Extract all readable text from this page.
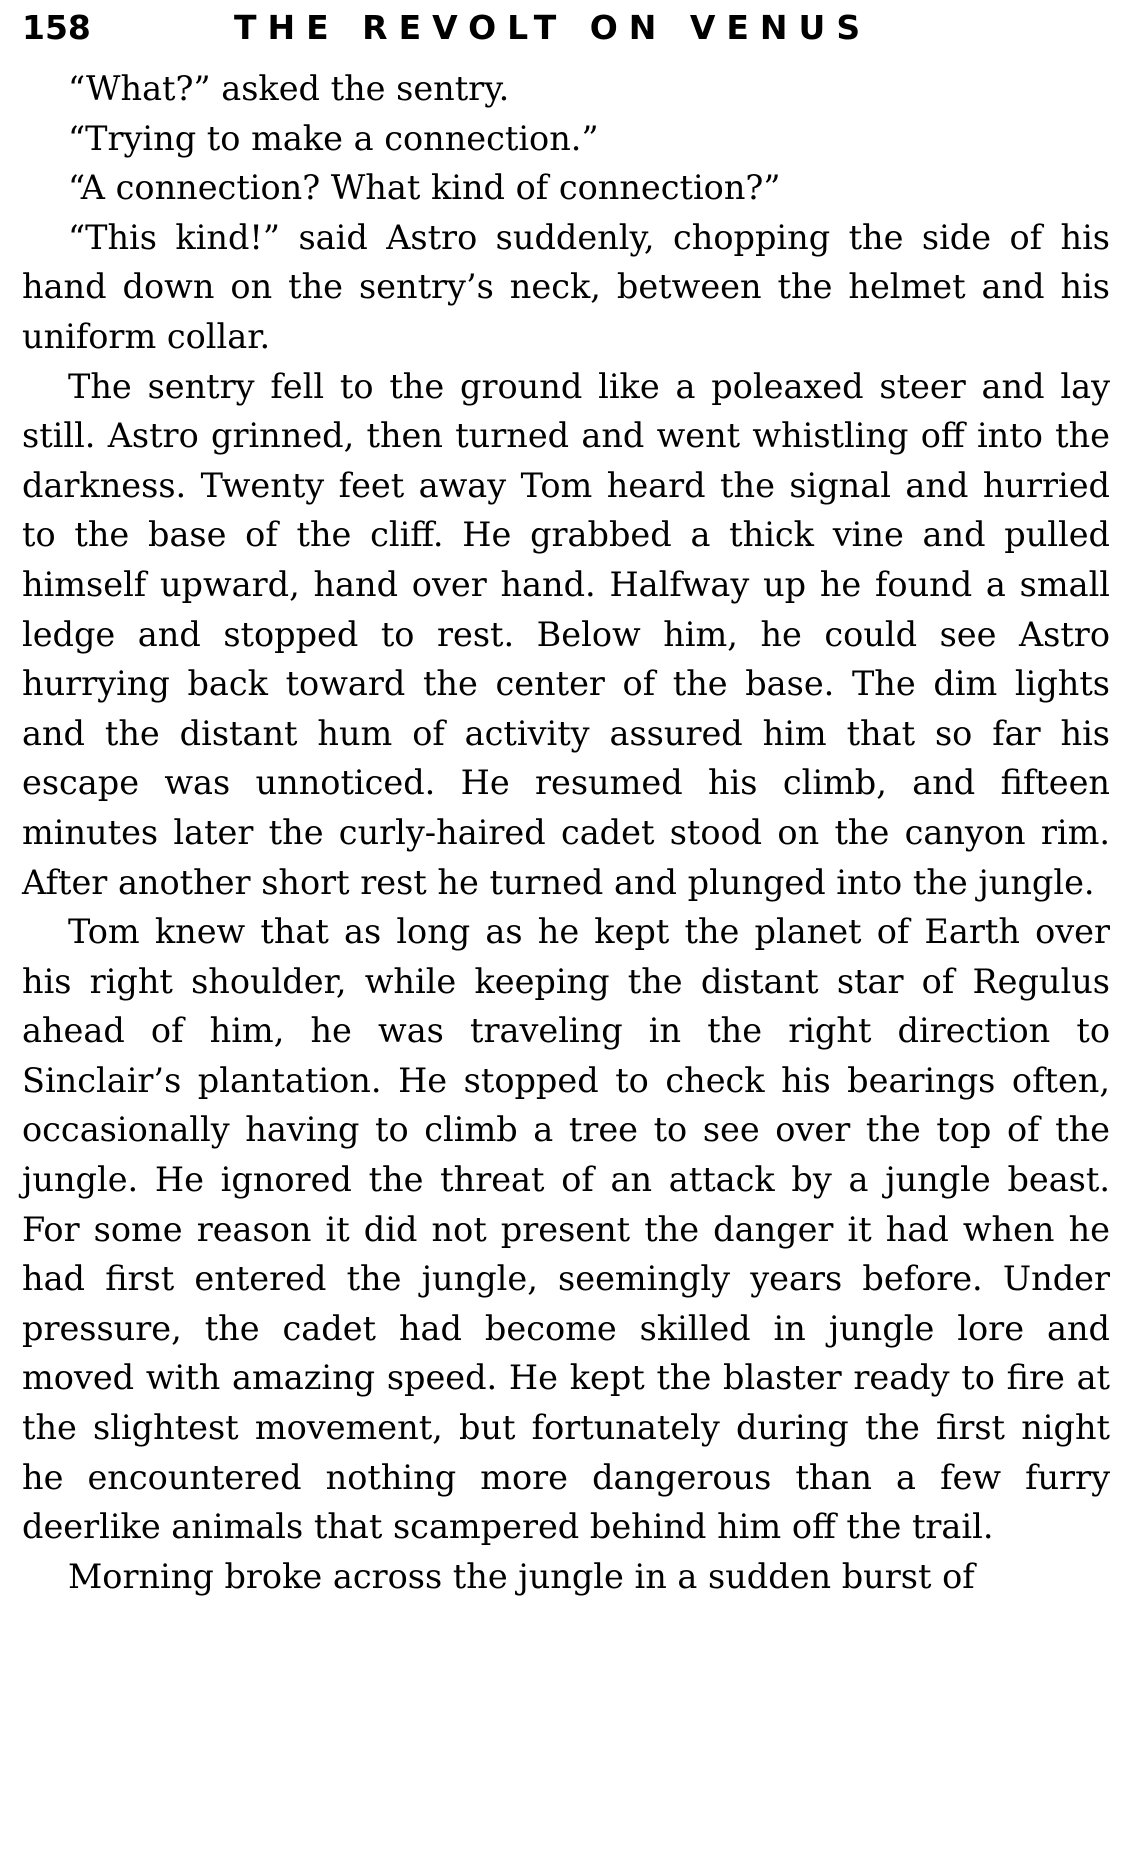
158	THE REVOLT ON VENUS

“What?” asked the sentry.

“Trying to make a connection.”

“A connection? What kind of connection?”

“This kind!” said Astro suddenly, chopping the side of his hand down on the sentry’s neck, between the helmet and his uniform collar.

The sentry fell to the ground like a poleaxed steer and lay still. Astro grinned, then turned and went whistling off into the darkness. Twenty feet away Tom heard the signal and hurried to the base of the cliff. He grabbed a thick vine and pulled himself upward, hand over hand. Halfway up he found a small ledge and stopped to rest. Below him, he could see Astro hurrying back toward the center of the base. The dim lights and the distant hum of activity assured him that so far his escape was unnoticed. He resumed his climb, and fifteen minutes later the curly-haired cadet stood on the canyon rim. After another short rest he turned and plunged into the jungle.

Tom knew that as long as he kept the planet of Earth over his right shoulder, while keeping the distant star of Regulus ahead of him, he was traveling in the right direction to Sinclair’s plantation. He stopped to check his bearings often, occasionally having to climb a tree to see over the top of the jungle. He ignored the threat of an attack by a jungle beast. For some reason it did not present the danger it had when he had first entered the jungle, seemingly years before. Under pressure, the cadet had become skilled in jungle lore and moved with amazing speed. He kept the blaster ready to fire at the slightest movement, but fortunately during the first night he encountered nothing more dangerous than a few furry deerlike animals that scampered behind him off the trail.

Morning broke across the jungle in a sudden burst of
